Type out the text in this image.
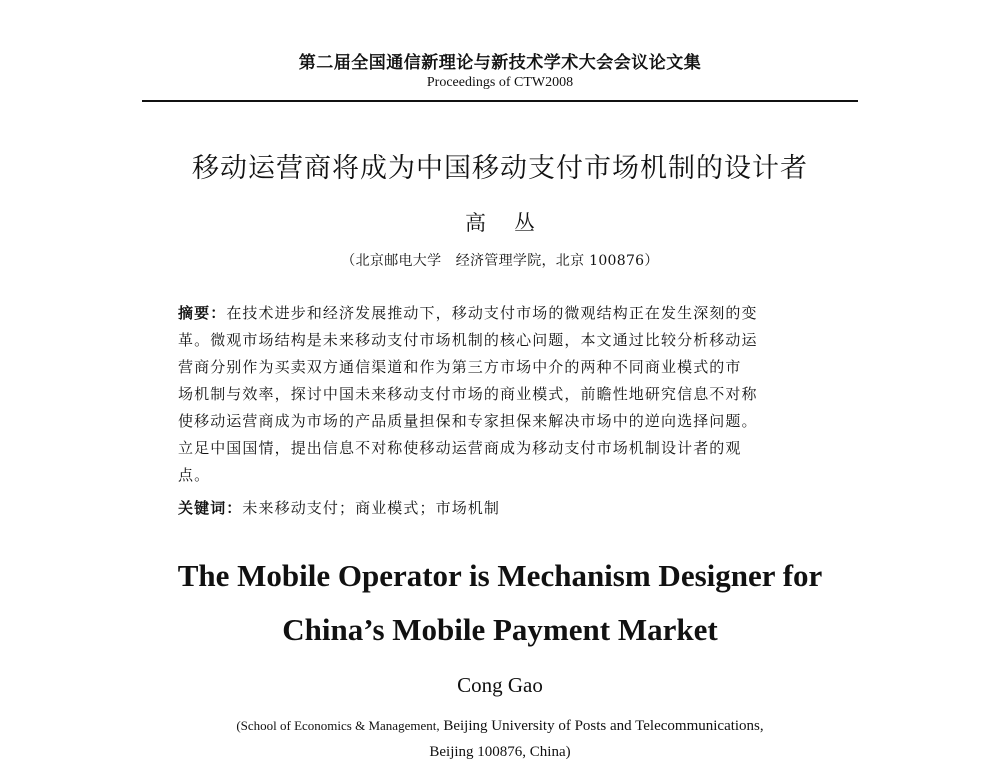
第二届全国通信新理论与新技术学术大会会议论文集
Proceedings of CTW2008
移动运营商将成为中国移动支付市场机制的设计者
高丛
（北京邮电大学　经济管理学院，北京 100876）
摘要：在技术进步和经济发展推动下，移动支付市场的微观结构正在发生深刻的变
革。微观市场结构是未来移动支付市场机制的核心问题，本文通过比较分析移动运
营商分别作为买卖双方通信渠道和作为第三方市场中介的两种不同商业模式的市
场机制与效率，探讨中国未来移动支付市场的商业模式，前瞻性地研究信息不对称
使移动运营商成为市场的产品质量担保和专家担保来解决市场中的逆向选择问题。
立足中国国情，提出信息不对称使移动运营商成为移动支付市场机制设计者的观
点。
关键词：未来移动支付；商业模式；市场机制
The Mobile Operator is Mechanism Designer for
China’s Mobile Payment Market
Cong Gao
(School of Economics & Management, Beijing University of Posts and Telecommunications,
Beijing 100876, China)
